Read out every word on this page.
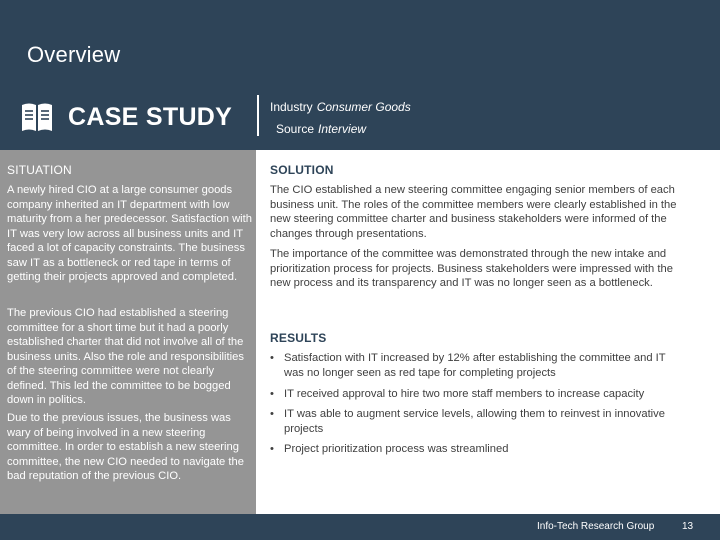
Overview
CASE STUDY	Industry Consumer Goods
Source Interview
SITUATION
A newly hired CIO at a large consumer goods company inherited an IT department with low maturity from a her predecessor. Satisfaction with IT was very low across all business units and IT faced a lot of capacity constraints. The business saw IT as a bottleneck or red tape in terms of getting their projects approved and completed.
The previous CIO had established a steering committee for a short time but it had a poorly established charter that did not involve all of the business units. Also the role and responsibilities of the steering committee were not clearly defined. This led the committee to be bogged down in politics.
Due to the previous issues, the business was wary of being involved in a new steering committee. In order to establish a new steering committee, the new CIO needed to navigate the bad reputation of the previous CIO.
SOLUTION
The CIO established a new steering committee engaging senior members of each business unit. The roles of the committee members were clearly established in the new steering committee charter and business stakeholders were informed of the changes through presentations.
The importance of the committee was demonstrated through the new intake and prioritization process for projects. Business stakeholders were impressed with the new process and its transparency and IT was no longer seen as a bottleneck.
RESULTS
• Satisfaction with IT increased by 12% after establishing the committee and IT was no longer seen as red tape for completing projects
• IT received approval to hire two more staff members to increase capacity
• IT was able to augment service levels, allowing them to reinvest in innovative projects
• Project prioritization process was streamlined
Info-Tech Research Group	13
